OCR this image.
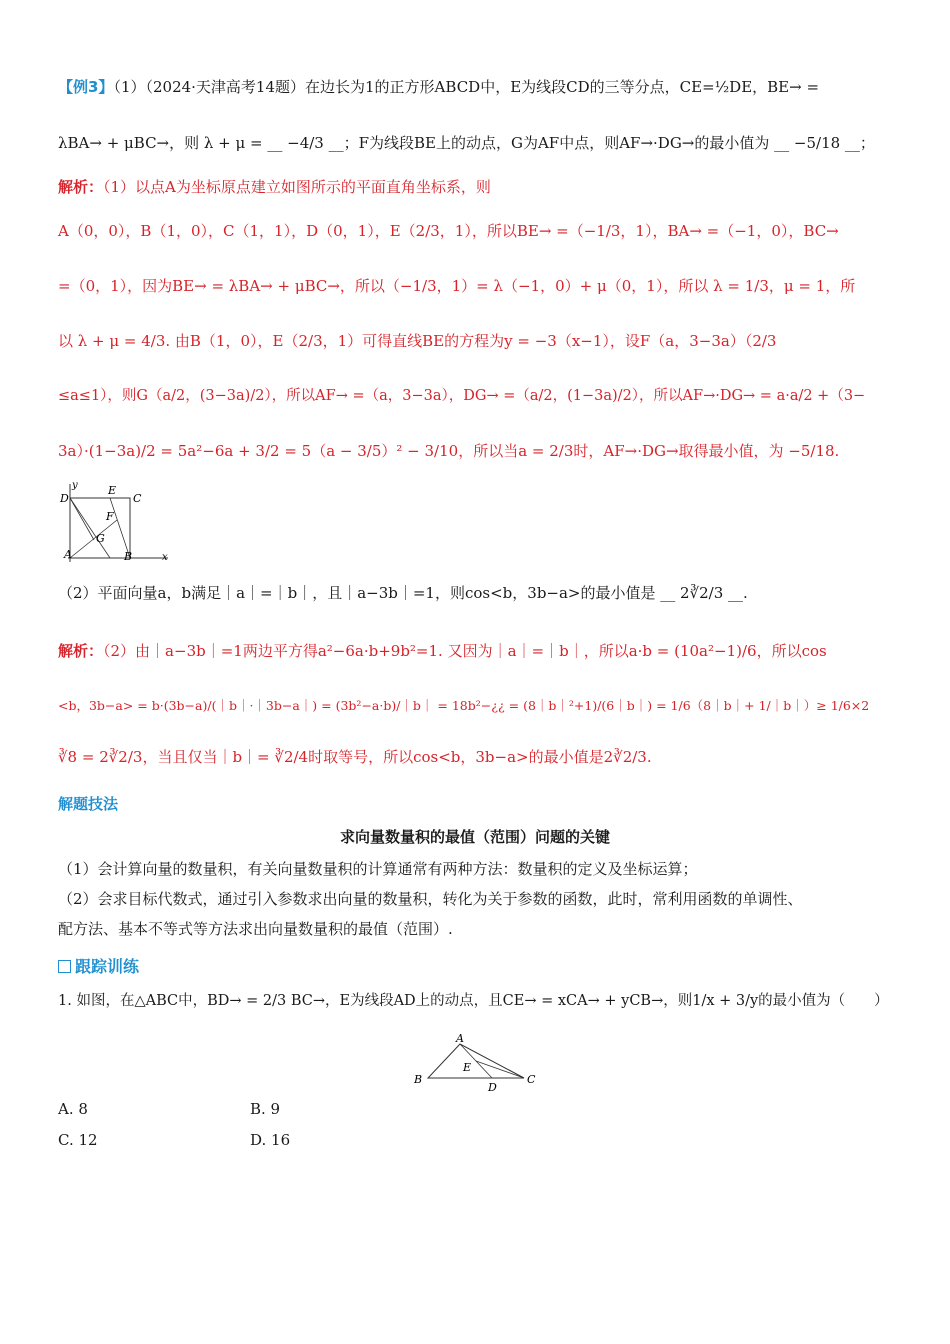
【例3】（1）（2024·天津高考14题）在边长为1的正方形ABCD中，E为线段CD的三等分点，CE=½DE，BE→ =
λBA→ + μBC→，则 λ + μ = __ −4/3 __；F为线段BE上的动点，G为AF中点，则AF→·DG→的最小值为 __ −5/18 __；
解析：（1）以点A为坐标原点建立如图所示的平面直角坐标系，则
A（0，0），B（1，0），C（1，1），D（0，1），E（2/3，1），所以BE→ =（−1/3，1），BA→ =（−1，0），BC→
=（0，1），因为BE→ = λBA→ + μBC→，所以（−1/3，1）= λ（−1，0）+ μ（0，1），所以 λ = 1/3，μ = 1，所
以 λ + μ = 4/3. 由B（1，0），E（2/3，1）可得直线BE的方程为y = −3（x−1），设F（a，3−3a）（2/3
≤a≤1），则G（a/2，(3−3a)/2），所以AF→ =（a，3−3a），DG→ =（a/2，(1−3a)/2），所以AF→·DG→ = a·a/2 +（3−
3a）·(1−3a)/2 = 5a²−6a + 3/2 = 5（a − 3/5）² − 3/10，所以当a = 2/3时，AF→·DG→取得最小值，为 −5/18.
D
E
C
F
G
A	B	x
y
（2）平面向量a，b满足｜a｜=｜b｜，且｜a−3b｜=1，则cos<b，3b−a>的最小值是 __ 2∛2/3 __.
解析：（2）由｜a−3b｜=1两边平方得a²−6a·b+9b²=1. 又因为｜a｜=｜b｜，所以a·b = (10a²−1)/6，所以cos
<b，3b−a> = b·(3b−a)/(｜b｜·｜3b−a｜) = (3b²−a·b)/｜b｜ = 18b²−¿¿ = (8｜b｜²+1)/(6｜b｜) = 1/6（8｜b｜+ 1/｜b｜）≥ 1/6×2
∛8 = 2∛2/3，当且仅当｜b｜= ∛2/4时取等号，所以cos<b，3b−a>的最小值是2∛2/3.
解题技法
求向量数量积的最值（范围）问题的关键
（1）会计算向量的数量积，有关向量数量积的计算通常有两种方法：数量积的定义及坐标运算；
（2）会求目标代数式，通过引入参数求出向量的数量积，转化为关于参数的函数，此时，常利用函数的单调性、
配方法、基本不等式等方法求出向量数量积的最值（范围）.
跟踪训练
1. 如图，在△ABC中，BD→ = 2/3 BC→，E为线段AD上的动点，且CE→ = xCA→ + yCB→，则1/x + 3/y的最小值为（　　）
A
B	C
D
E
A. 8	B. 9
C. 12	D. 16
